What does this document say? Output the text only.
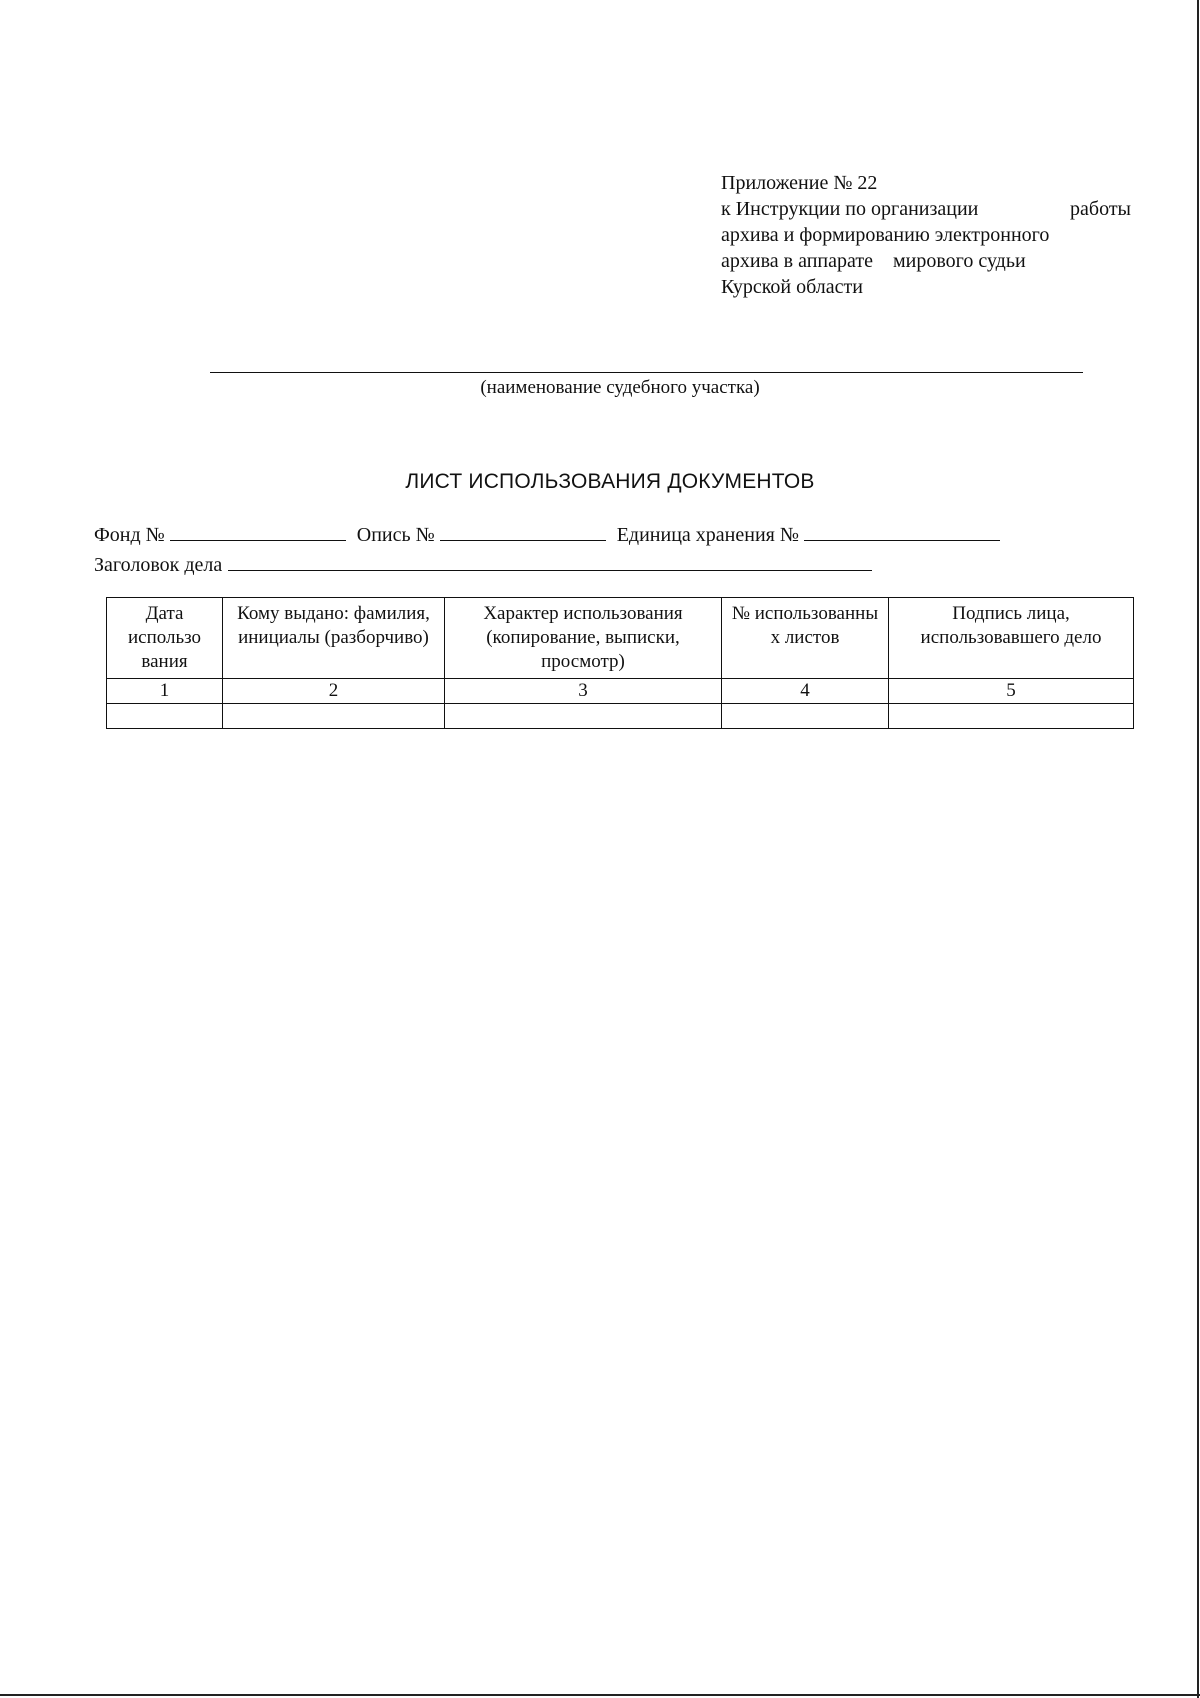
Приложение № 22
к Инструкции по организации	работы
архива и формированию электронного
архива в аппарате    мирового судьи
Курской области
(наименование судебного участка)
ЛИСТ ИСПОЛЬЗОВАНИЯ ДОКУМЕНТОВ
Фонд №	Опись №	Единица хранения №
Заголовок дела
Дата использо вания	Кому выдано: фамилия, инициалы (разборчиво)	Характер использования (копирование, выписки, просмотр)	№ использованны х листов	Подпись лица, использовавшего дело
1	2	3	4	5
